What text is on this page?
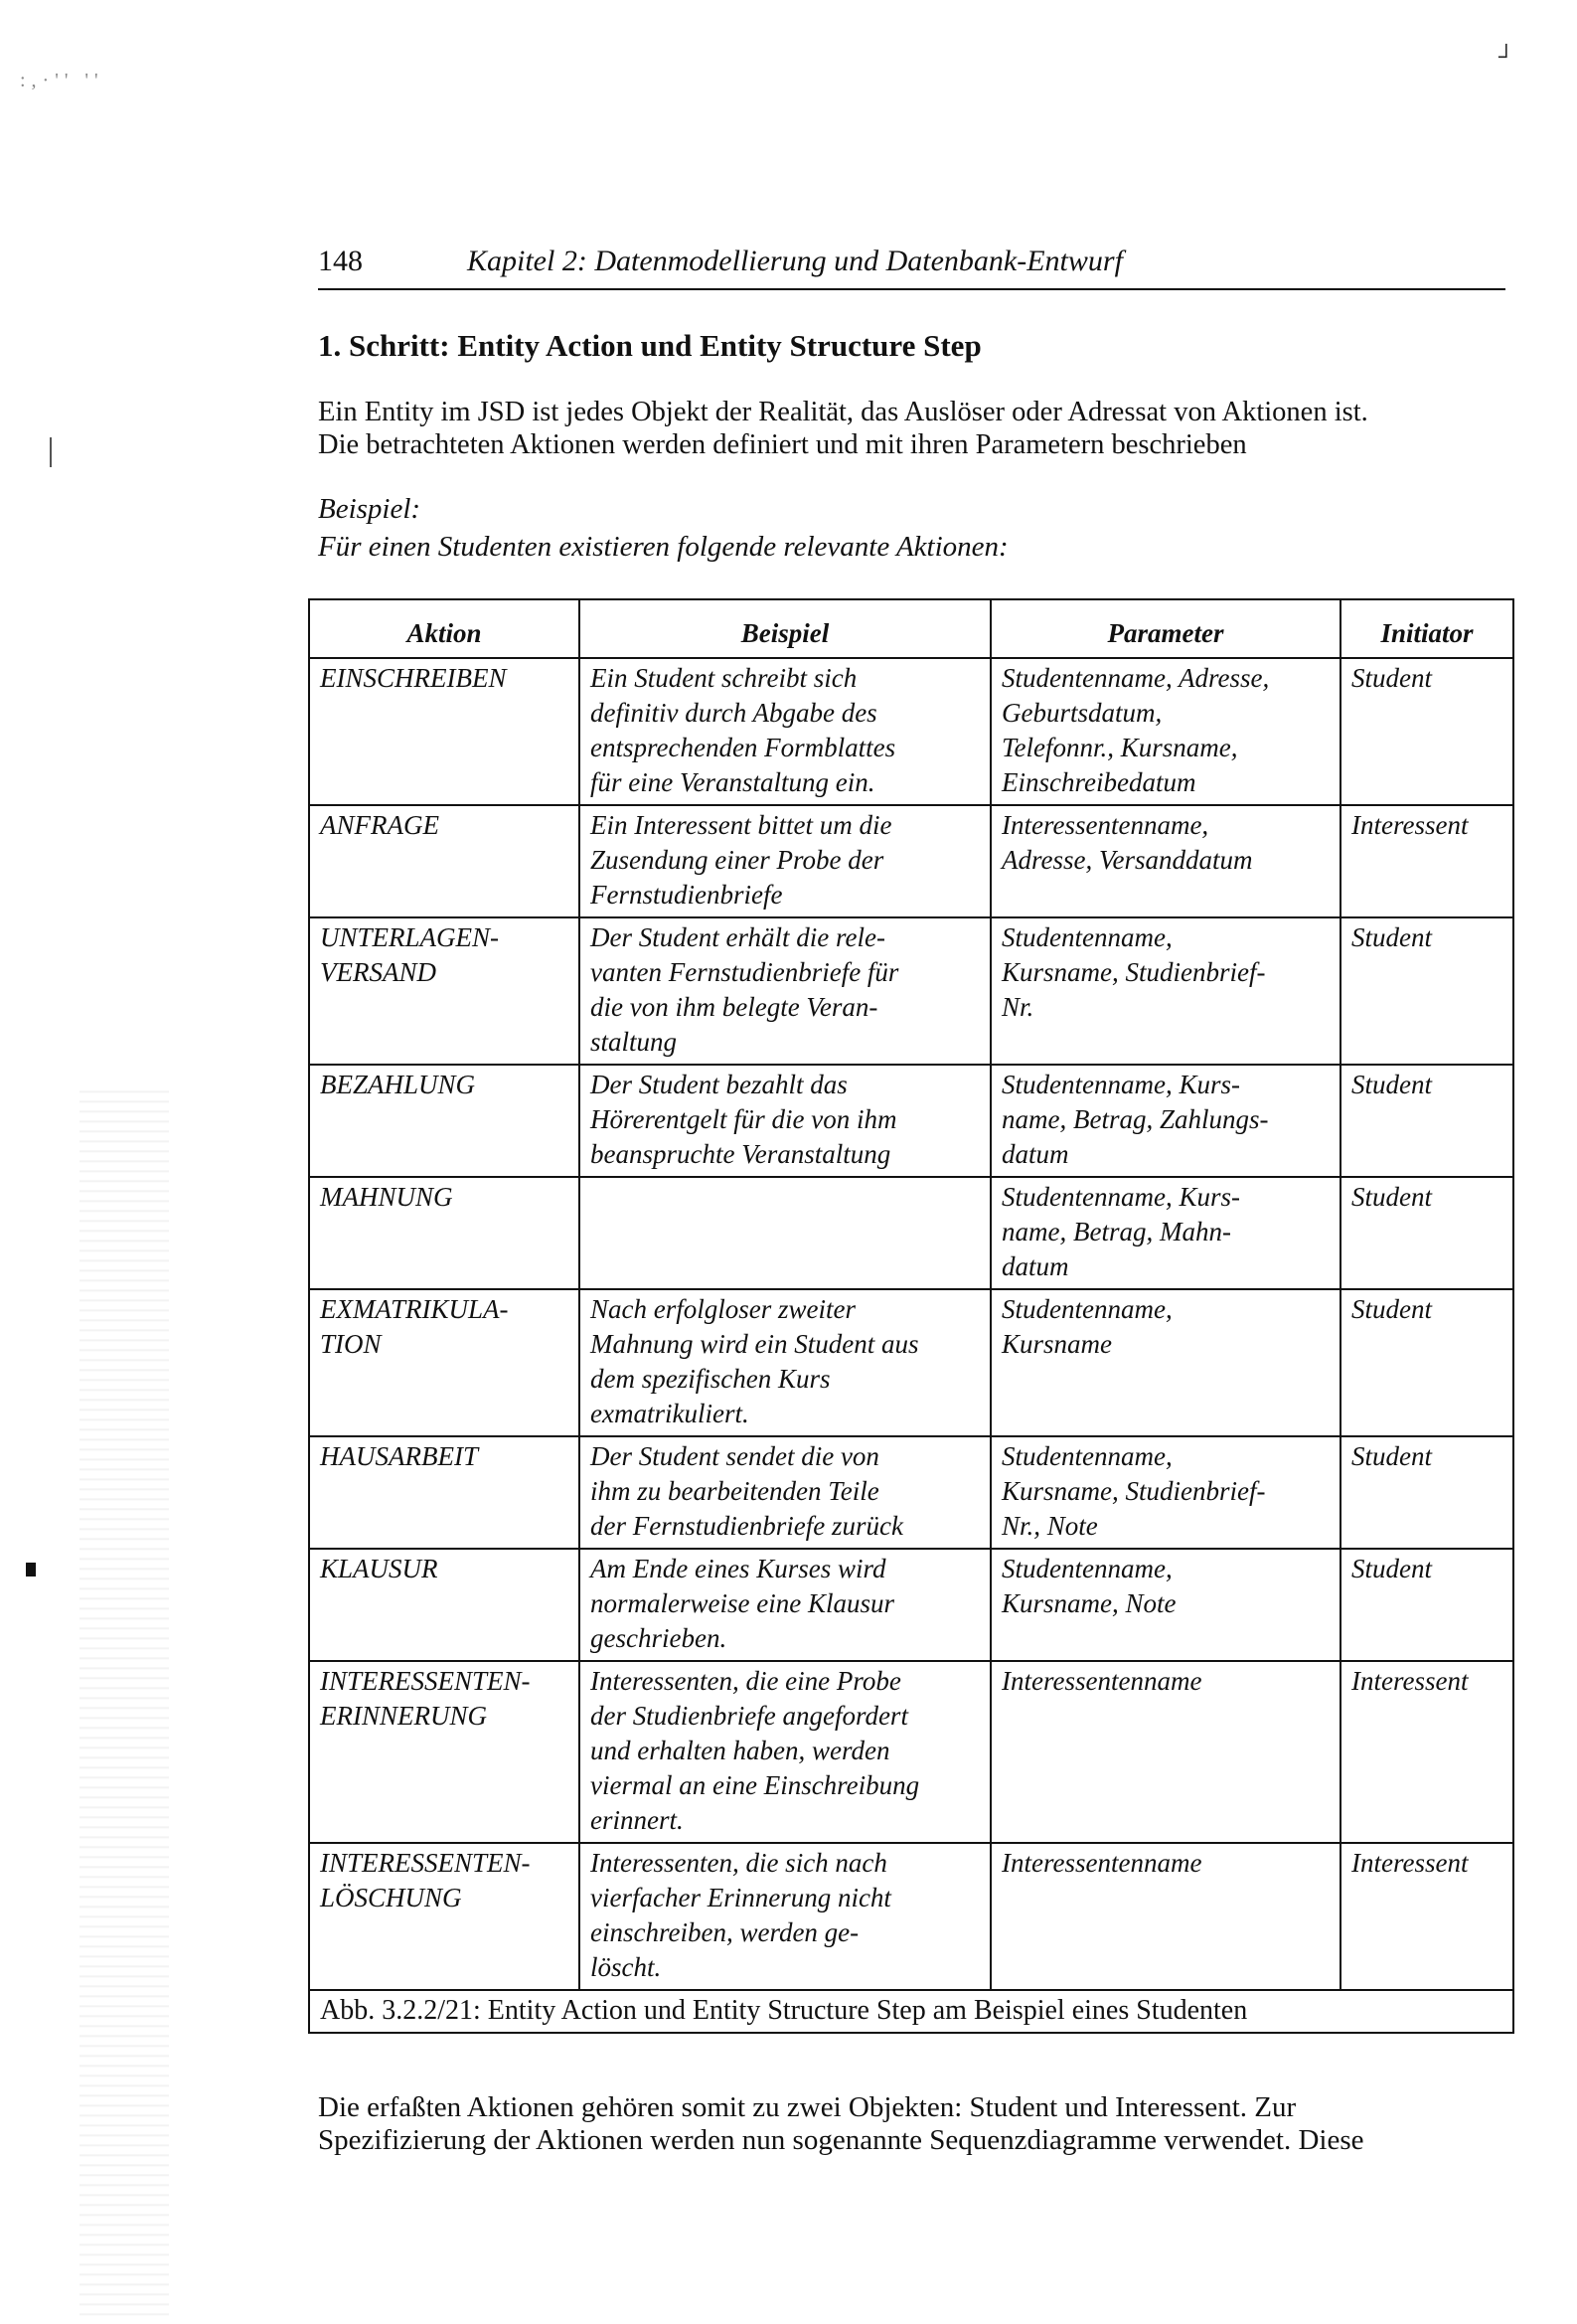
:,·'' ''
┘
148	Kapitel 2: Datenmodellierung und Datenbank-Entwurf
1. Schritt: Entity Action und Entity Structure Step
Ein Entity im JSD ist jedes Objekt der Realität, das Auslöser oder Adressat von Aktionen ist.
Die betrachteten Aktionen werden definiert und mit ihren Parametern beschrieben
Beispiel:
Für einen Studenten existieren folgende relevante Aktionen:
Aktion	Beispiel	Parameter	Initiator

EINSCHREIBEN	Ein Student schreibt sich
definitiv durch Abgabe des
entsprechenden Formblattes
für eine Veranstaltung ein.	Studentenname, Adresse,
Geburtsdatum,
Telefonnr., Kursname,
Einschreibedatum	Student

ANFRAGE	Ein Interessent bittet um die
Zusendung einer Probe der
Fernstudienbriefe	Interessentenname,
Adresse, Versanddatum	Interessent

UNTERLAGEN-
VERSAND	Der Student erhält die rele-
vanten Fernstudienbriefe für
die von ihm belegte Veran-
staltung	Studentenname,
Kursname, Studienbrief-
Nr.	Student

BEZAHLUNG	Der Student bezahlt das
Hörerentgelt für die von ihm
beanspruchte Veranstaltung	Studentenname, Kurs-
name, Betrag, Zahlungs-
datum	Student

MAHNUNG		Studentenname, Kurs-
name, Betrag, Mahn-
datum	Student

EXMATRIKULA-
TION	Nach erfolgloser zweiter
Mahnung wird ein Student aus
dem spezifischen Kurs
exmatrikuliert.	Studentenname,
Kursname	Student

HAUSARBEIT	Der Student sendet die von
ihm zu bearbeitenden Teile
der Fernstudienbriefe zurück	Studentenname,
Kursname, Studienbrief-
Nr., Note	Student

KLAUSUR	Am Ende eines Kurses wird
normalerweise eine Klausur
geschrieben.	Studentenname,
Kursname, Note	Student

INTERESSENTEN-
ERINNERUNG	Interessenten, die eine Probe
der Studienbriefe angefordert
und erhalten haben, werden
viermal an eine Einschreibung
erinnert.	Interessentenname	Interessent

INTERESSENTEN-
LÖSCHUNG	Interessenten, die sich nach
vierfacher Erinnerung nicht
einschreiben, werden ge-
löscht.	Interessentenname	Interessent
Abb. 3.2.2/21: Entity Action und Entity Structure Step am Beispiel eines Studenten			
Die erfaßten Aktionen gehören somit zu zwei Objekten: Student und Interessent. Zur
Spezifizierung der Aktionen werden nun sogenannte Sequenzdiagramme verwendet. Diese
